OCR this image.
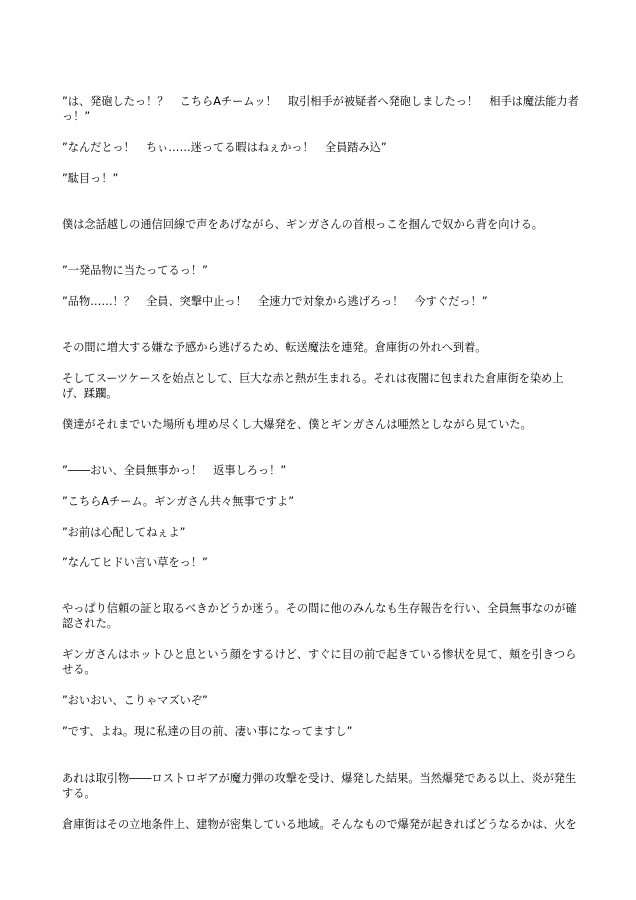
”は、発砲したっ！？　こちらAチームッ！　取引相手が被疑者へ発砲しましたっ！　相手は魔法能力者っ！”

”なんだとっ！　ちぃ……迷ってる暇はねぇかっ！　全員踏み込”

”駄目っ！”

僕は念話越しの通信回線で声をあげながら、ギンガさんの首根っこを掴んで奴から背を向ける。

”一発品物に当たってるっ！”

”品物……！？　全員、突撃中止っ！　全速力で対象から逃げろっ！　今すぐだっ！”

その間に増大する嫌な予感から逃げるため、転送魔法を連発。倉庫街の外れへ到着。

そしてスーツケースを始点として、巨大な赤と熱が生まれる。それは夜闇に包まれた倉庫街を染め上げ、蹂躙。

僕達がそれまでいた場所も埋め尽くし大爆発を、僕とギンガさんは唖然としながら見ていた。

”――おい、全員無事かっ！　返事しろっ！”

”こちらAチーム。ギンガさん共々無事ですよ”

”お前は心配してねぇよ”

”なんてヒドい言い草をっ！”

やっぱり信頼の証と取るべきかどうか迷う。その間に他のみんなも生存報告を行い、全員無事なのが確認された。

ギンガさんはホットひと息という顔をするけど、すぐに目の前で起きている惨状を見て、頬を引きつらせる。

”おいおい、こりゃマズいぞ”

”です、よね。現に私達の目の前、凄い事になってますし”

あれは取引物――ロストロギアが魔力弾の攻撃を受け、爆発した結果。当然爆発である以上、炎が発生する。

倉庫街はその立地条件上、建物が密集している地域。そんなもので爆発が起きればどうなるかは、火を
